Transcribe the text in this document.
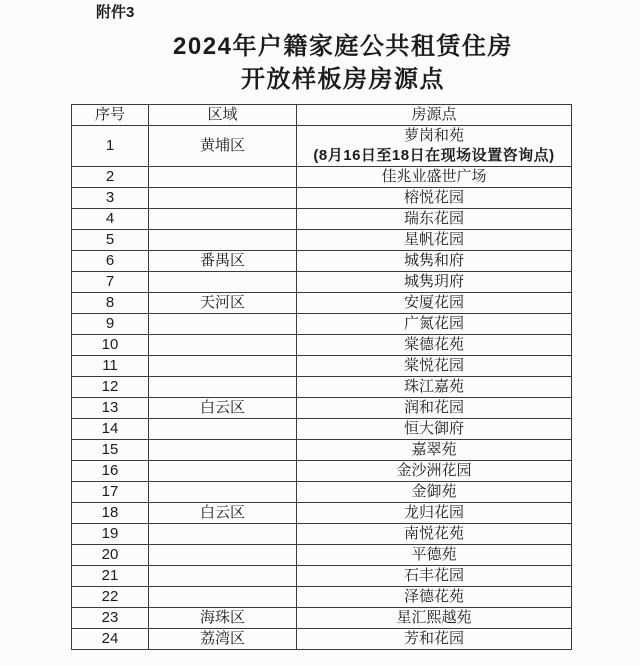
附件3
2024年户籍家庭公共租赁住房
开放样板房房源点
序号	区域	房源点
1	黄埔区	萝岗和苑
(8月16日至18日在现场设置咨询点)

2		佳兆业盛世广场
3		榕悦花园
4		瑞东花园
5		星帆花园
6	番禺区	城隽和府
7		城隽玥府
8	天河区	安厦花园
9		广氮花园
10		棠德花苑
11		棠悦花园
12		珠江嘉苑
13	白云区	润和花园
14		恒大御府
15		嘉翠苑
16		金沙洲花园
17		金御苑
18	白云区	龙归花园
19		南悦花苑
20		平德苑
21		石丰花园
22		泽德花苑
23	海珠区	星汇熙越苑
24	荔湾区	芳和花园
